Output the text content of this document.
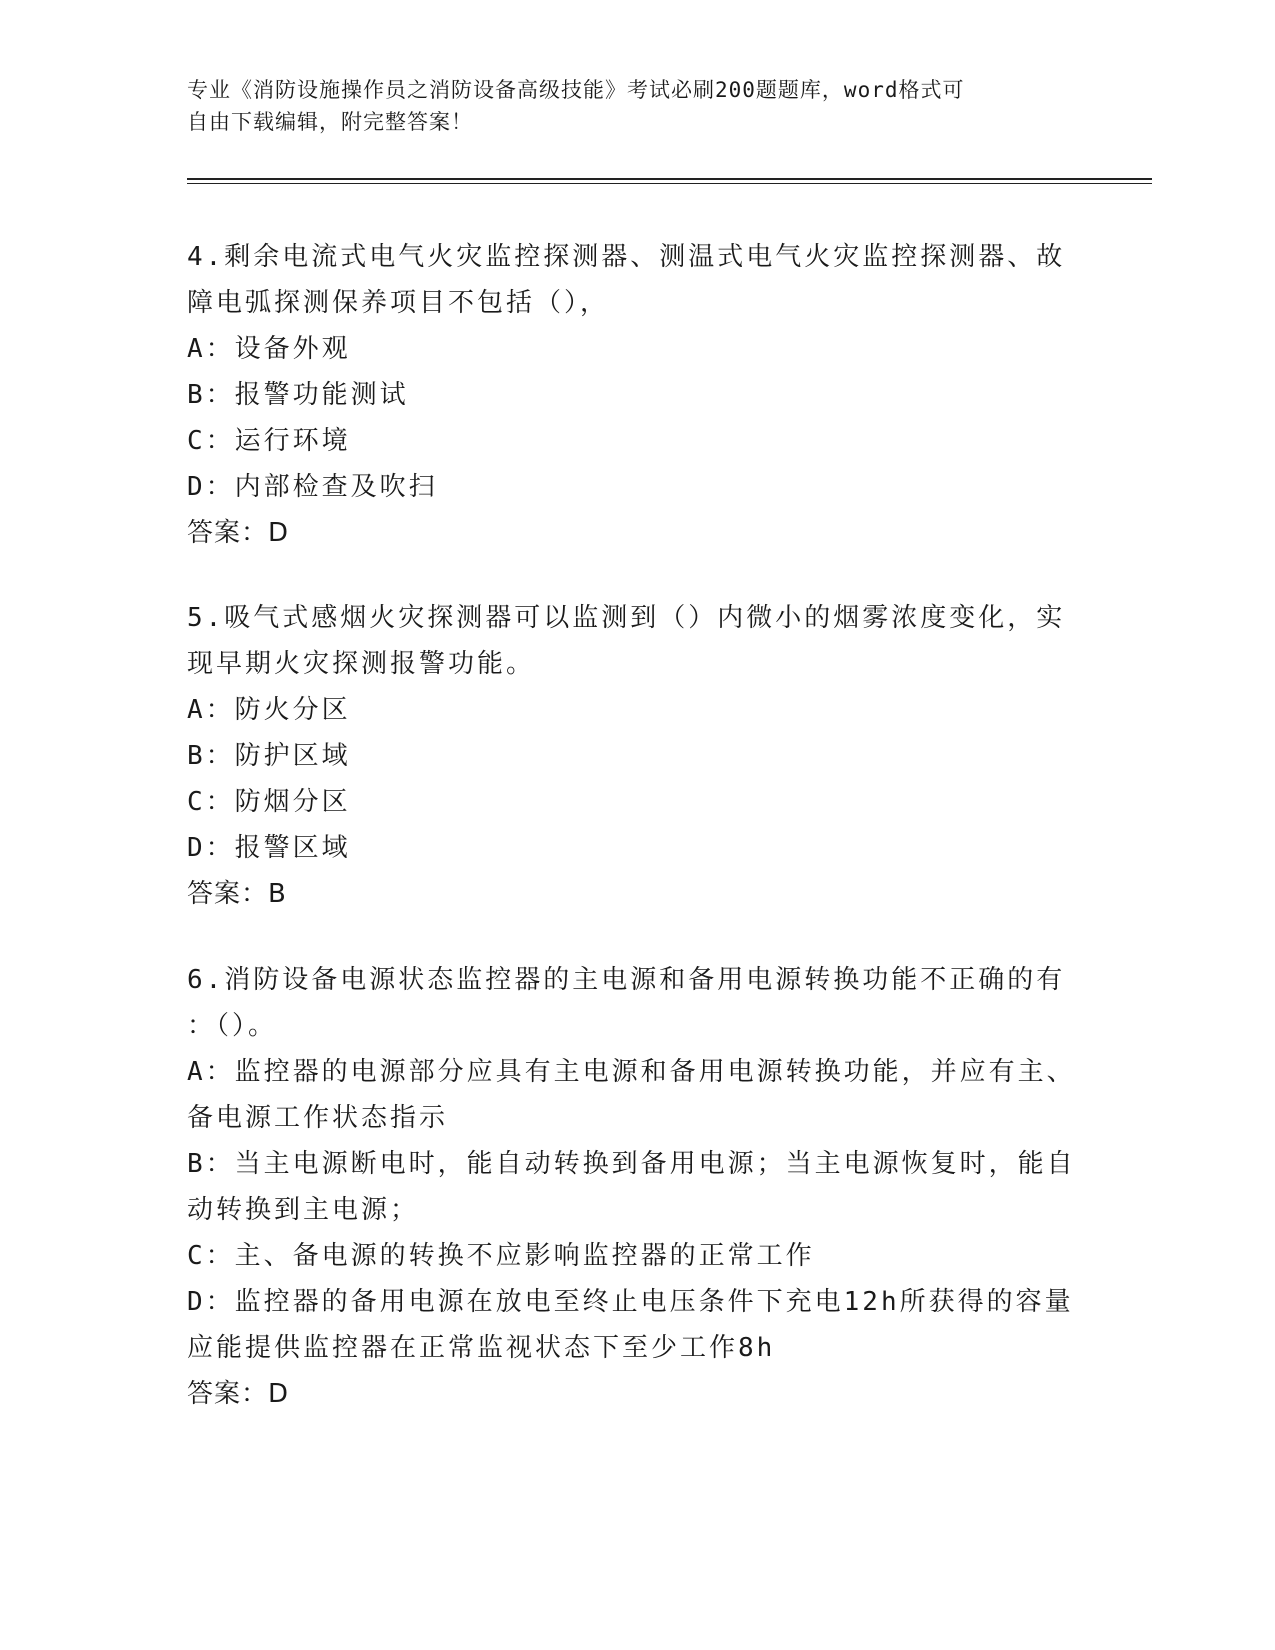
专业《消防设施操作员之消防设备高级技能》考试必刷200题题库，word格式可
自由下载编辑，附完整答案！
4.剩余电流式电气火灾监控探测器、测温式电气火灾监控探测器、故
障电弧探测保养项目不包括（），
A：设备外观
B：报警功能测试
C：运行环境
D：内部检查及吹扫
答案：D
5.吸气式感烟火灾探测器可以监测到（）内微小的烟雾浓度变化，实
现早期火灾探测报警功能。
A：防火分区
B：防护区域
C：防烟分区
D：报警区域
答案：B
6.消防设备电源状态监控器的主电源和备用电源转换功能不正确的有
：（）。
A：监控器的电源部分应具有主电源和备用电源转换功能，并应有主、
备电源工作状态指示
B：当主电源断电时，能自动转换到备用电源；当主电源恢复时，能自
动转换到主电源；
C：主、备电源的转换不应影响监控器的正常工作
D：监控器的备用电源在放电至终止电压条件下充电12h所获得的容量
应能提供监控器在正常监视状态下至少工作8h
答案：D
